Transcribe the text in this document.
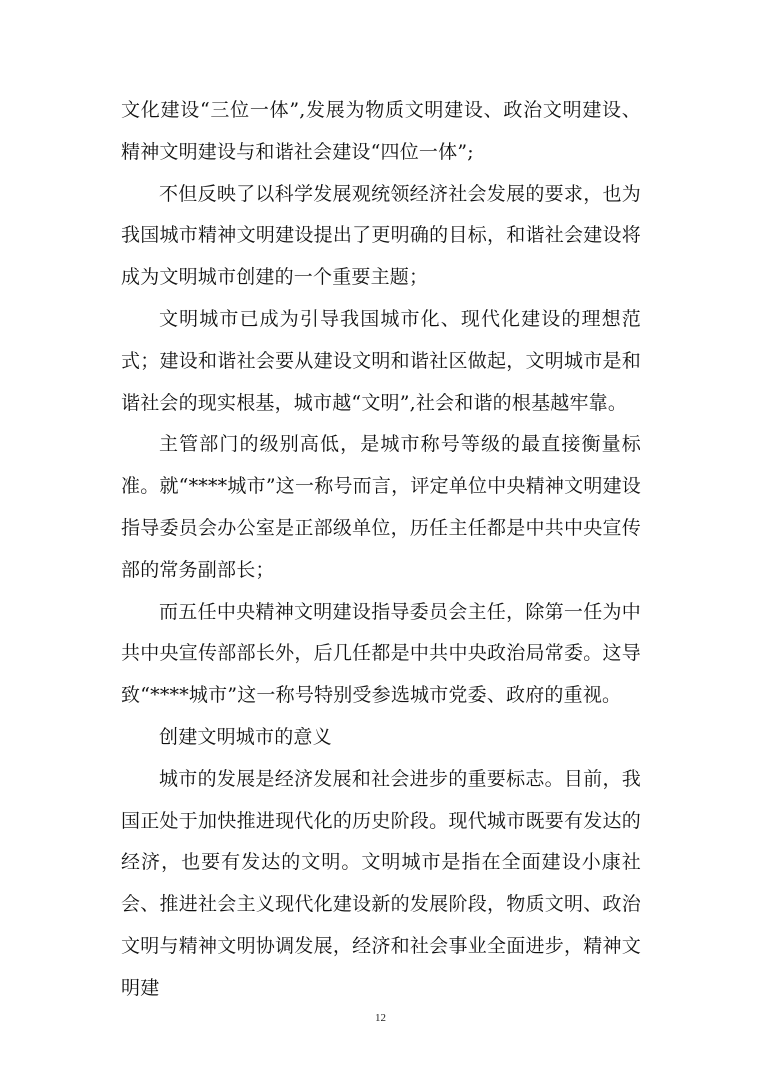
文化建设“三位一体”,发展为物质文明建设、政治文明建设、精神文明建设与和谐社会建设“四位一体”;

不但反映了以科学发展观统领经济社会发展的要求，也为我国城市精神文明建设提出了更明确的目标，和谐社会建设将成为文明城市创建的一个重要主题；

文明城市已成为引导我国城市化、现代化建设的理想范式；建设和谐社会要从建设文明和谐社区做起，文明城市是和谐社会的现实根基，城市越“文明”,社会和谐的根基越牢靠。

主管部门的级别高低，是城市称号等级的最直接衡量标准。就“****城市”这一称号而言，评定单位中央精神文明建设指导委员会办公室是正部级单位，历任主任都是中共中央宣传部的常务副部长；

而五任中央精神文明建设指导委员会主任，除第一任为中共中央宣传部部长外，后几任都是中共中央政治局常委。这导致“****城市”这一称号特别受参选城市党委、政府的重视。

创建文明城市的意义

城市的发展是经济发展和社会进步的重要标志。目前，我国正处于加快推进现代化的历史阶段。现代城市既要有发达的经济，也要有发达的文明。文明城市是指在全面建设小康社会、推进社会主义现代化建设新的发展阶段，物质文明、政治文明与精神文明协调发展，经济和社会事业全面进步，精神文明建

12
